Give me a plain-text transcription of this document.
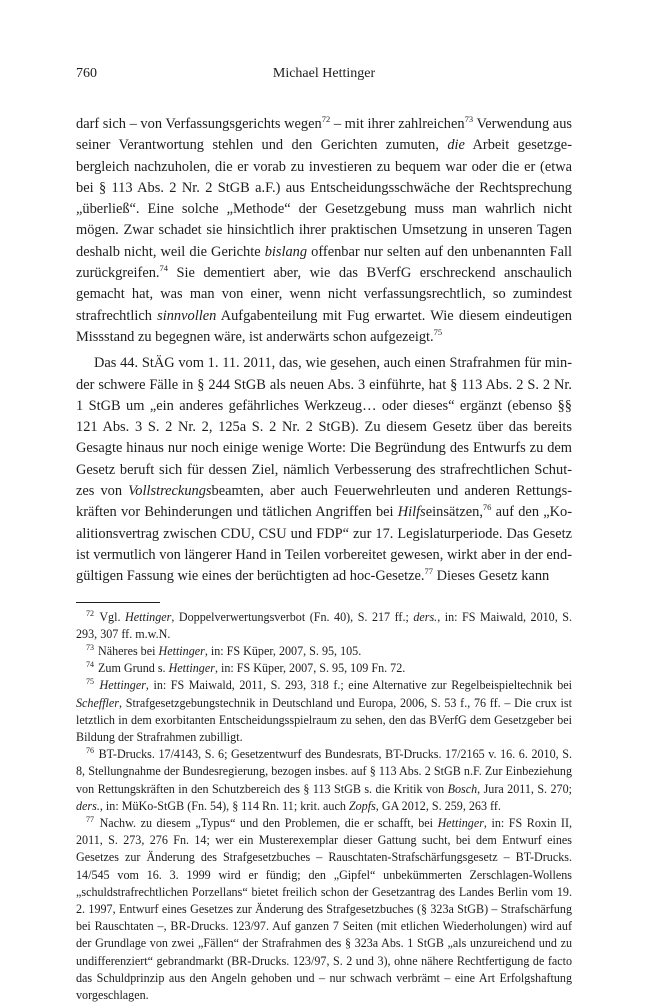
760	Michael Hettinger

darf sich – von Verfassungsgerichts wegen$^{72}$ – mit ihrer zahlreichen$^{73}$ Verwendung aus seiner Verantwortung stehlen und den Gerichten zumuten, die Arbeit gesetzgebergleich nachzuholen, die er vorab zu investieren zu bequem war oder die er (etwa bei § 113 Abs. 2 Nr. 2 StGB a.F.) aus Entscheidungsschwäche der Rechtsprechung „überließ“. Eine solche „Methode“ der Gesetzgebung muss man wahrlich nicht mögen. Zwar schadet sie hinsichtlich ihrer praktischen Umsetzung in unseren Tagen deshalb nicht, weil die Gerichte bislang offenbar nur selten auf den unbenannten Fall zurückgreifen.$^{74}$ Sie dementiert aber, wie das BVerfG erschreckend anschaulich gemacht hat, was man von einer, wenn nicht verfassungsrechtlich, so zumindest strafrechtlich sinnvollen Aufgabenteilung mit Fug erwartet. Wie diesem eindeutigen Missstand zu begegnen wäre, ist anderwärts schon aufgezeigt.$^{75}$

Das 44. StÄG vom 1. 11. 2011, das, wie gesehen, auch einen Strafrahmen für minder schwere Fälle in § 244 StGB als neuen Abs. 3 einführte, hat § 113 Abs. 2 S. 2 Nr. 1 StGB um „ein anderes gefährliches Werkzeug… oder dieses“ ergänzt (ebenso §§ 121 Abs. 3 S. 2 Nr. 2, 125a S. 2 Nr. 2 StGB). Zu diesem Gesetz über das bereits Gesagte hinaus nur noch einige wenige Worte: Die Begründung des Entwurfs zu dem Gesetz beruft sich für dessen Ziel, nämlich Verbesserung des strafrechtlichen Schutzes von Vollstreckungsbeamten, aber auch Feuerwehrleuten und anderen Rettungskräften vor Behinderungen und tätlichen Angriffen bei Hilfseinsätzen,$^{76}$ auf den „Koalitionsvertrag zwischen CDU, CSU und FDP“ zur 17. Legislaturperiode. Das Gesetz ist vermutlich von längerer Hand in Teilen vorbereitet gewesen, wirkt aber in der endgültigen Fassung wie eines der berüchtigten ad hoc-Gesetze.$^{77}$ Dieses Gesetz kann

$^{72}$ Vgl. Hettinger, Doppelverwertungsverbot (Fn. 40), S. 217 ff.; ders., in: FS Maiwald, 2010, S. 293, 307 ff. m.w.N.

$^{73}$ Näheres bei Hettinger, in: FS Küper, 2007, S. 95, 105.

$^{74}$ Zum Grund s. Hettinger, in: FS Küper, 2007, S. 95, 109 Fn. 72.

$^{75}$ Hettinger, in: FS Maiwald, 2011, S. 293, 318 f.; eine Alternative zur Regelbeispieltechnik bei Scheffler, Strafgesetzgebungstechnik in Deutschland und Europa, 2006, S. 53 f., 76 ff. – Die crux ist letztlich in dem exorbitanten Entscheidungsspielraum zu sehen, den das BVerfG dem Gesetzgeber bei Bildung der Strafrahmen zubilligt.

$^{76}$ BT-Drucks. 17/4143, S. 6; Gesetzentwurf des Bundesrats, BT-Drucks. 17/2165 v. 16. 6. 2010, S. 8, Stellungnahme der Bundesregierung, bezogen insbes. auf § 113 Abs. 2 StGB n.F. Zur Einbeziehung von Rettungskräften in den Schutzbereich des § 113 StGB s. die Kritik von Bosch, Jura 2011, S. 270; ders., in: MüKo-StGB (Fn. 54), § 114 Rn. 11; krit. auch Zopfs, GA 2012, S. 259, 263 ff.

$^{77}$ Nachw. zu diesem „Typus“ und den Problemen, die er schafft, bei Hettinger, in: FS Roxin II, 2011, S. 273, 276 Fn. 14; wer ein Musterexemplar dieser Gattung sucht, bei dem Entwurf eines Gesetzes zur Änderung des Strafgesetzbuches – Rauschtaten-Strafschärfungsgesetz – BT-Drucks. 14/545 vom 16. 3. 1999 wird er fündig; den „Gipfel“ unbekümmerten Zerschlagen-Wollens „schuldstrafrechtlichen Porzellans“ bietet freilich schon der Gesetzantrag des Landes Berlin vom 19. 2. 1997, Entwurf eines Gesetzes zur Änderung des Strafgesetzbuches (§ 323a StGB) – Strafschärfung bei Rauschtaten –, BR-Drucks. 123/97. Auf ganzen 7 Seiten (mit etlichen Wiederholungen) wird auf der Grundlage von zwei „Fällen“ der Strafrahmen des § 323a Abs. 1 StGB „als unzureichend und zu undifferenziert“ gebrandmarkt (BR-Drucks. 123/97, S. 2 und 3), ohne nähere Rechtfertigung de facto das Schuldprinzip aus den Angeln gehoben und – nur schwach verbrämt – eine Art Erfolgshaftung vorgeschlagen.
